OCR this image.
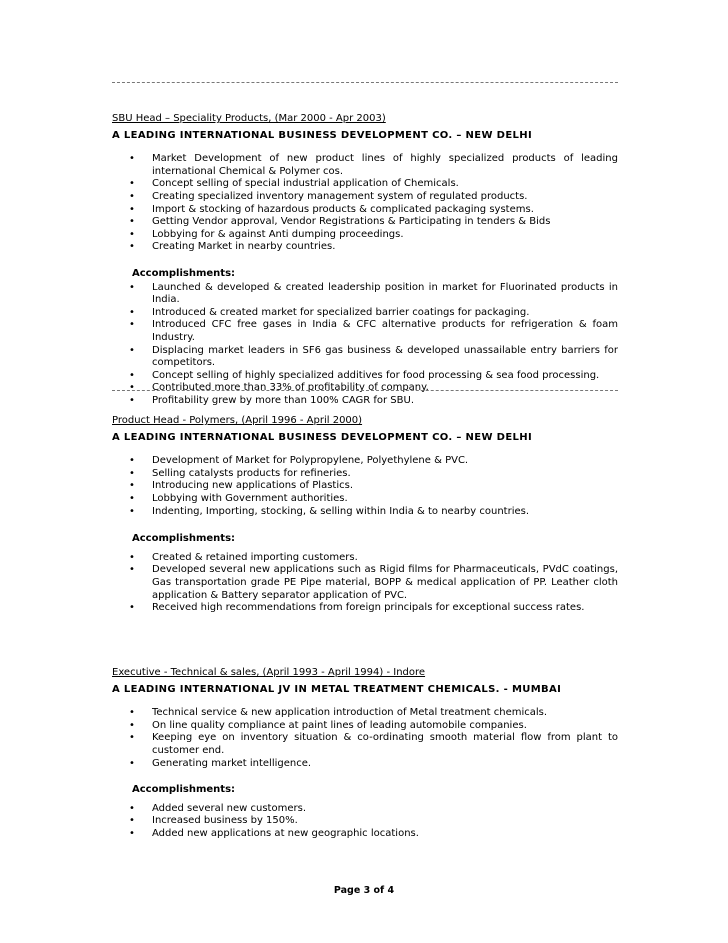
SBU Head – Speciality Products, (Mar 2000 - Apr 2003)

A LEADING INTERNATIONAL BUSINESS DEVELOPMENT CO. – NEW DELHI

• Market Development of new product lines of highly specialized products of leading international Chemical & Polymer cos.
• Concept selling of special industrial application of Chemicals.
• Creating specialized inventory management system of regulated products.
• Import & stocking of hazardous products & complicated packaging systems.
• Getting Vendor approval, Vendor Registrations & Participating in tenders & Bids
• Lobbying for & against Anti dumping proceedings.
• Creating Market in nearby countries.

Accomplishments:

• Launched & developed & created leadership position in market for Fluorinated products in India.
• Introduced & created market for specialized barrier coatings for packaging.
• Introduced CFC free gases in India & CFC alternative products for refrigeration & foam Industry.
• Displacing market leaders in SF6 gas business & developed unassailable entry barriers for competitors.
• Concept selling of highly specialized additives for food processing & sea food processing.
• Contributed more than 33% of profitability of company.
• Profitability grew by more than 100% CAGR for SBU.

Product Head - Polymers, (April 1996 - April 2000)

A LEADING INTERNATIONAL BUSINESS DEVELOPMENT CO. – NEW DELHI

• Development of Market for Polypropylene, Polyethylene & PVC.
• Selling catalysts products for refineries.
• Introducing new applications of Plastics.
• Lobbying with Government authorities.
• Indenting, Importing, stocking, & selling within India & to nearby countries.

Accomplishments:

• Created & retained importing customers.
• Developed several new applications such as Rigid films for Pharmaceuticals, PVdC coatings, Gas transportation grade PE Pipe material, BOPP & medical application of PP. Leather cloth application & Battery separator application of PVC.
• Received high recommendations from foreign principals for exceptional success rates.

Executive - Technical & sales, (April 1993 - April 1994) - Indore

A LEADING INTERNATIONAL JV IN METAL TREATMENT CHEMICALS. - MUMBAI

• Technical service & new application introduction of Metal treatment chemicals.
• On line quality compliance at paint lines of leading automobile companies.
• Keeping eye on inventory situation & co-ordinating smooth material flow from plant to customer end.
• Generating market intelligence.

Accomplishments:

• Added several new customers.
• Increased business by 150%.
• Added new applications at new geographic locations.
Page 3 of 4
